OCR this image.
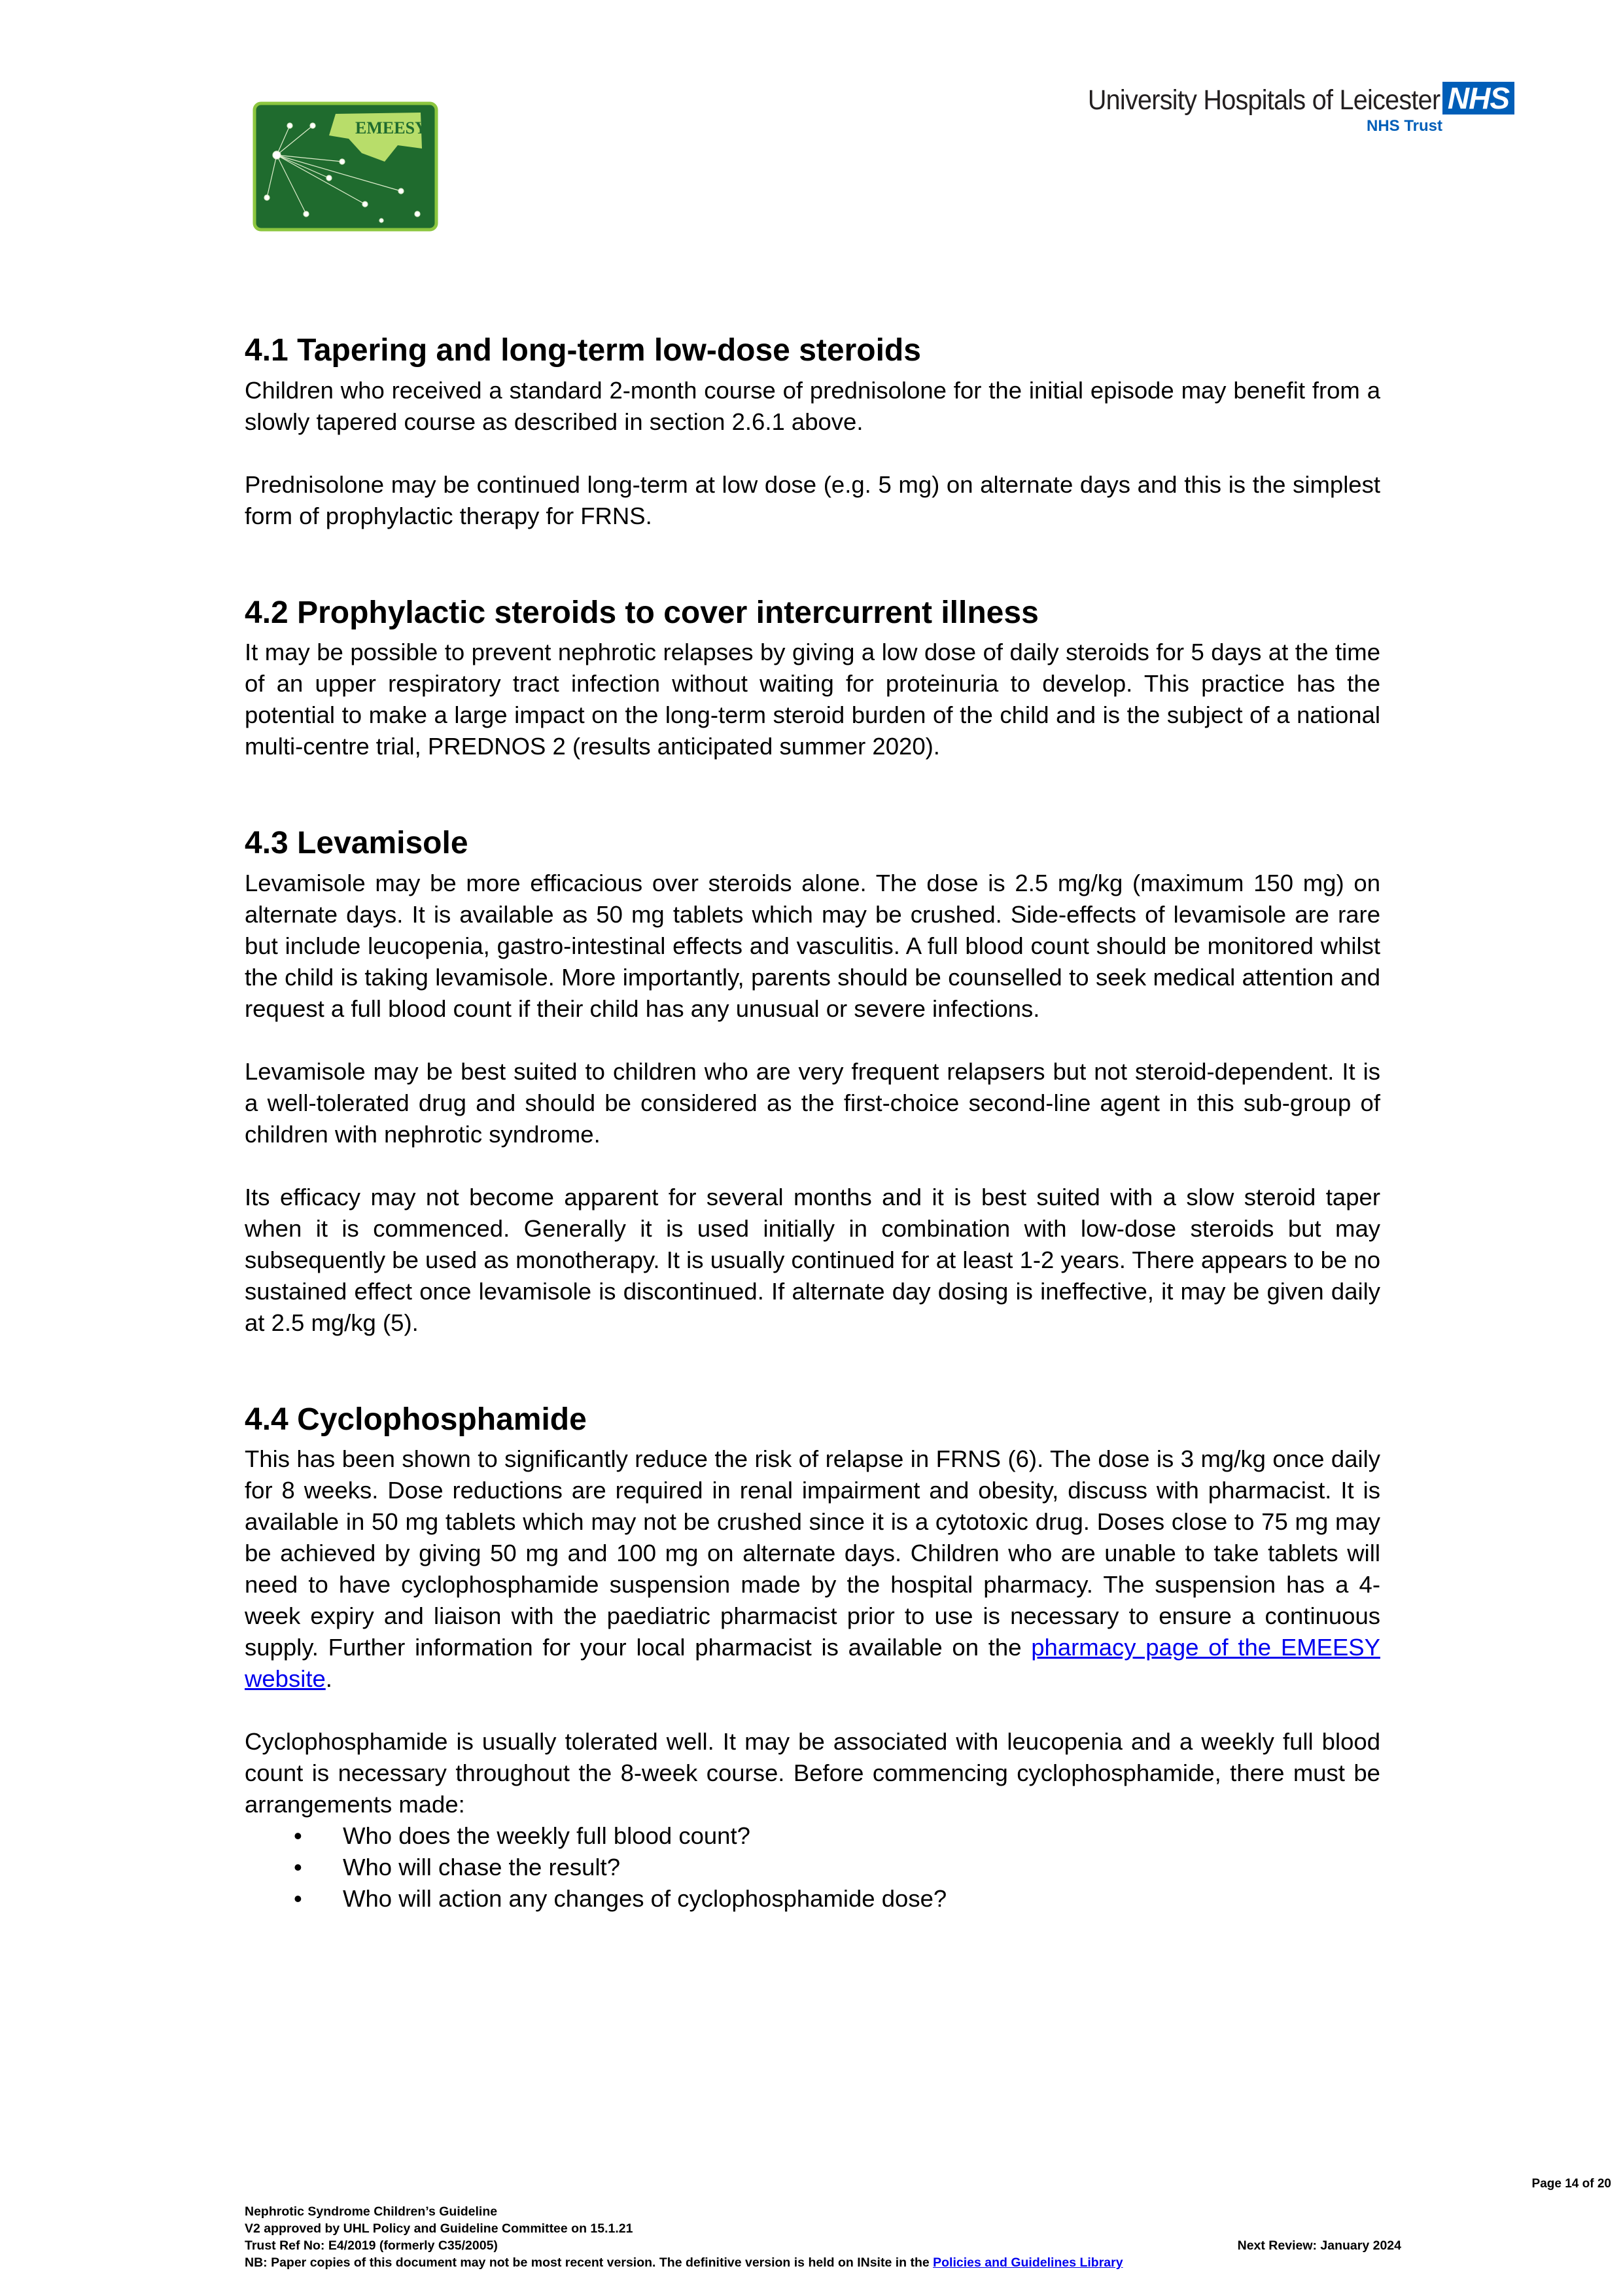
EMEESY
University Hospitals of Leicester NHS
NHS Trust
4.1 Tapering and long-term low-dose steroids

Children who received a standard 2-month course of prednisolone for the initial episode may benefit from a slowly tapered course as described in section 2.6.1 above.

Prednisolone may be continued long-term at low dose (e.g. 5 mg) on alternate days and this is the simplest form of prophylactic therapy for FRNS.

4.2 Prophylactic steroids to cover intercurrent illness

It may be possible to prevent nephrotic relapses by giving a low dose of daily steroids for 5 days at the time of an upper respiratory tract infection without waiting for proteinuria to develop. This practice has the potential to make a large impact on the long-term steroid burden of the child and is the subject of a national multi-centre trial, PREDNOS 2 (results anticipated summer 2020).

4.3 Levamisole

Levamisole may be more efficacious over steroids alone. The dose is 2.5 mg/kg (maximum 150 mg) on alternate days. It is available as 50 mg tablets which may be crushed. Side-effects of levamisole are rare but include leucopenia, gastro-intestinal effects and vasculitis. A full blood count should be monitored whilst the child is taking levamisole. More importantly, parents should be counselled to seek medical attention and request a full blood count if their child has any unusual or severe infections.

Levamisole may be best suited to children who are very frequent relapsers but not steroid-dependent. It is a well-tolerated drug and should be considered as the first-choice second-line agent in this sub-group of children with nephrotic syndrome.

Its efficacy may not become apparent for several months and it is best suited with a slow steroid taper when it is commenced. Generally it is used initially in combination with low-dose steroids but may subsequently be used as monotherapy. It is usually continued for at least 1-2 years. There appears to be no sustained effect once levamisole is discontinued. If alternate day dosing is ineffective, it may be given daily at 2.5 mg/kg (5).

4.4 Cyclophosphamide

This has been shown to significantly reduce the risk of relapse in FRNS (6). The dose is 3 mg/kg once daily for 8 weeks. Dose reductions are required in renal impairment and obesity, discuss with pharmacist. It is available in 50 mg tablets which may not be crushed since it is a cytotoxic drug. Doses close to 75 mg may be achieved by giving 50 mg and 100 mg on alternate days. Children who are unable to take tablets will need to have cyclophosphamide suspension made by the hospital pharmacy. The suspension has a 4-week expiry and liaison with the paediatric pharmacist prior to use is necessary to ensure a continuous supply. Further information for your local pharmacist is available on the pharmacy page of the EMEESY website.

Cyclophosphamide is usually tolerated well. It may be associated with leucopenia and a weekly full blood count is necessary throughout the 8-week course. Before commencing cyclophosphamide, there must be arrangements made:

• Who does the weekly full blood count?
• Who will chase the result?
• Who will action any changes of cyclophosphamide dose?
Page 14 of 20
Nephrotic Syndrome Children’s Guideline
V2 approved by UHL Policy and Guideline Committee on 15.1.21
Trust Ref No: E4/2019 (formerly C35/2005)	Next Review: January 2024
NB: Paper copies of this document may not be most recent version. The definitive version is held on INsite in the Policies and Guidelines Library
